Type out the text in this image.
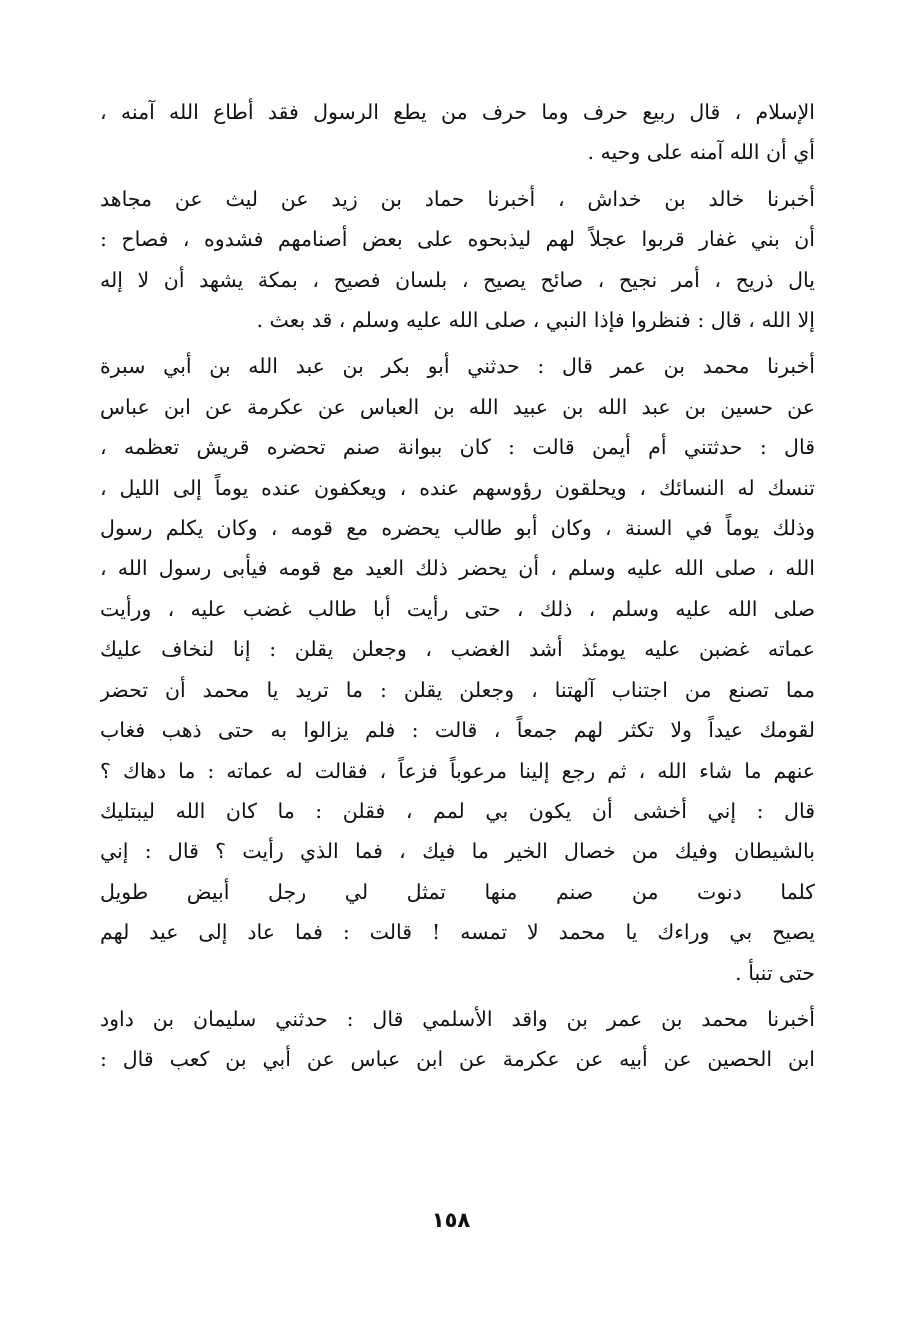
الإسلام ، قال ربيع حرف وما حرف من يطع الرسول فقد أطاع الله آمنه ،
أي أن الله آمنه على وحيه .
أخبرنا خالد بن خداش ، أخبرنا حماد بن زيد عن ليث عن مجاهد
أن بني غفار قربوا عجلاً لهم ليذبحوه على بعض أصنامهم فشدوه ، فصاح :
يال ذريح ، أمر نجيح ، صائح يصيح ، بلسان فصيح ، بمكة يشهد أن لا إله
إلا الله ، قال : فنظروا فإذا النبي ، صلى الله عليه وسلم ، قد بعث .
أخبرنا محمد بن عمر قال : حدثني أبو بكر بن عبد الله بن أبي سبرة
عن حسين بن عبد الله بن عبيد الله بن العباس عن عكرمة عن ابن عباس
قال : حدثتني أم أيمن قالت : كان ببوانة صنم تحضره قريش تعظمه ،
تنسك له النسائك ، ويحلقون رؤوسهم عنده ، ويعكفون عنده يوماً إلى الليل ،
وذلك يوماً في السنة ، وكان أبو طالب يحضره مع قومه ، وكان يكلم رسول
الله ، صلى الله عليه وسلم ، أن يحضر ذلك العيد مع قومه فيأبى رسول الله ،
صلى الله عليه وسلم ، ذلك ، حتى رأيت أبا طالب غضب عليه ، ورأيت
عماته غضبن عليه يومئذ أشد الغضب ، وجعلن يقلن : إنا لنخاف عليك
مما تصنع من اجتناب آلهتنا ، وجعلن يقلن : ما تريد يا محمد أن تحضر
لقومك عيداً ولا تكثر لهم جمعاً ، قالت : فلم يزالوا به حتى ذهب فغاب
عنهم ما شاء الله ، ثم رجع إلينا مرعوباً فزعاً ، فقالت له عماته : ما دهاك ؟
قال : إني أخشى أن يكون بي لمم ، فقلن : ما كان الله ليبتليك
بالشيطان وفيك من خصال الخير ما فيك ، فما الذي رأيت ؟ قال : إني
كلما دنوت من صنم منها تمثل لي رجل أبيض طويل
يصيح بي وراءك يا محمد لا تمسه ! قالت : فما عاد إلى عيد لهم
حتى تنبأ .
أخبرنا محمد بن عمر بن واقد الأسلمي قال : حدثني سليمان بن داود
ابن الحصين عن أبيه عن عكرمة عن ابن عباس عن أبي بن كعب قال :
١٥٨
